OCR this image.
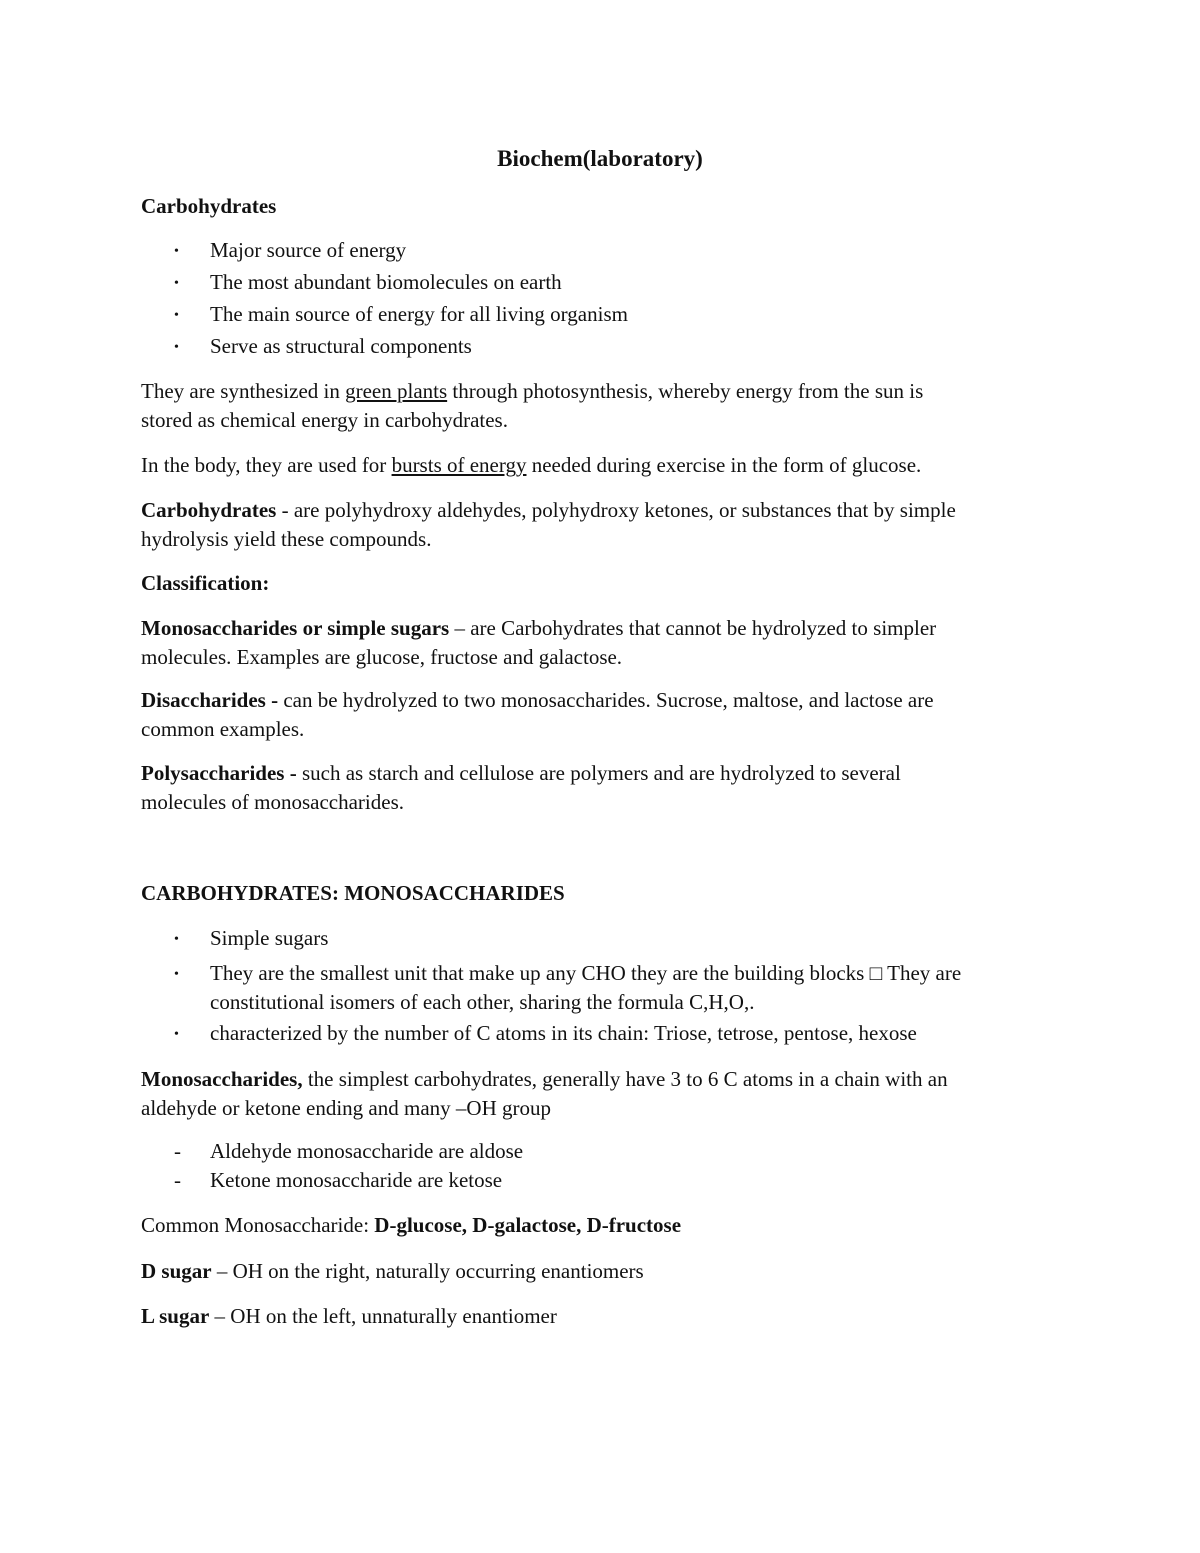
Biochem(laboratory)
Carbohydrates
• Major source of energy
• The most abundant biomolecules on earth
• The main source of energy for all living organism
• Serve as structural components
They are synthesized in green plants through photosynthesis, whereby energy from the sun is
stored as chemical energy in carbohydrates.
In the body, they are used for bursts of energy needed during exercise in the form of glucose.
Carbohydrates - are polyhydroxy aldehydes, polyhydroxy ketones, or substances that by simple
hydrolysis yield these compounds.
Classification:
Monosaccharides or simple sugars – are Carbohydrates that cannot be hydrolyzed to simpler
molecules. Examples are glucose, fructose and galactose.
Disaccharides - can be hydrolyzed to two monosaccharides. Sucrose, maltose, and lactose are
common examples.
Polysaccharides - such as starch and cellulose are polymers and are hydrolyzed to several
molecules of monosaccharides.
CARBOHYDRATES: MONOSACCHARIDES
• Simple sugars
• They are the smallest unit that make up any CHO they are the building blocks □ They are
constitutional isomers of each other, sharing the formula C,H,O,.
• characterized by the number of C atoms in its chain: Triose, tetrose, pentose, hexose
Monosaccharides, the simplest carbohydrates, generally have 3 to 6 C atoms in a chain with an
aldehyde or ketone ending and many –OH group
- Aldehyde monosaccharide are aldose
- Ketone monosaccharide are ketose
Common Monosaccharide: D-glucose, D-galactose, D-fructose
D sugar – OH on the right, naturally occurring enantiomers
L sugar – OH on the left, unnaturally enantiomer
